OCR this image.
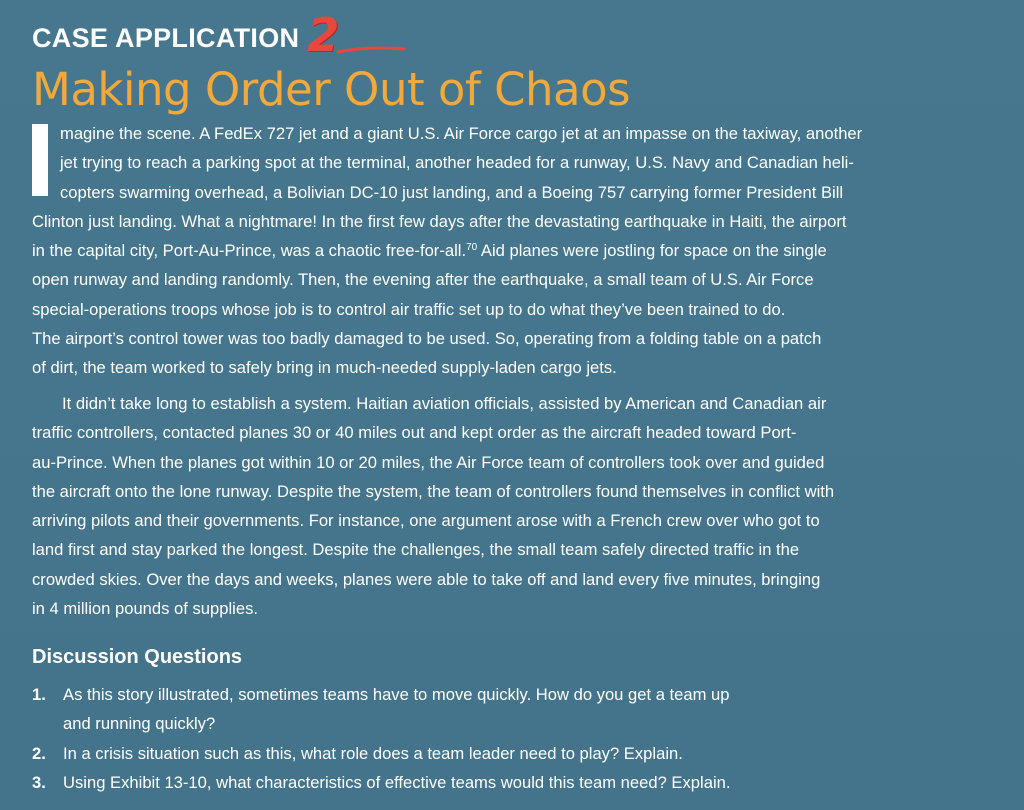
CASE APPLICATION 2
Making Order Out of Chaos

magine the scene. A FedEx 727 jet and a giant U.S. Air Force cargo jet at an impasse on the taxiway, another
jet trying to reach a parking spot at the terminal, another headed for a runway, U.S. Navy and Canadian heli-
copters swarming overhead, a Bolivian DC-10 just landing, and a Boeing 757 carrying former President Bill
Clinton just landing. What a nightmare! In the first few days after the devastating earthquake in Haiti, the airport
in the capital city, Port-Au-Prince, was a chaotic free-for-all.$^{70}$ Aid planes were jostling for space on the single
open runway and landing randomly. Then, the evening after the earthquake, a small team of U.S. Air Force
special-operations troops whose job is to control air traffic set up to do what they’ve been trained to do.
The airport’s control tower was too badly damaged to be used. So, operating from a folding table on a patch
of dirt, the team worked to safely bring in much-needed supply-laden cargo jets.

It didn’t take long to establish a system. Haitian aviation officials, assisted by American and Canadian air
traffic controllers, contacted planes 30 or 40 miles out and kept order as the aircraft headed toward Port-
au-Prince. When the planes got within 10 or 20 miles, the Air Force team of controllers took over and guided
the aircraft onto the lone runway. Despite the system, the team of controllers found themselves in conflict with
arriving pilots and their governments. For instance, one argument arose with a French crew over who got to
land first and stay parked the longest. Despite the challenges, the small team safely directed traffic in the
crowded skies. Over the days and weeks, planes were able to take off and land every five minutes, bringing
in 4 million pounds of supplies.

Discussion Questions
1.	As this story illustrated, sometimes teams have to move quickly. How do you get a team up
and running quickly?
2.	In a crisis situation such as this, what role does a team leader need to play? Explain.
3.	Using Exhibit 13-10, what characteristics of effective teams would this team need? Explain.
